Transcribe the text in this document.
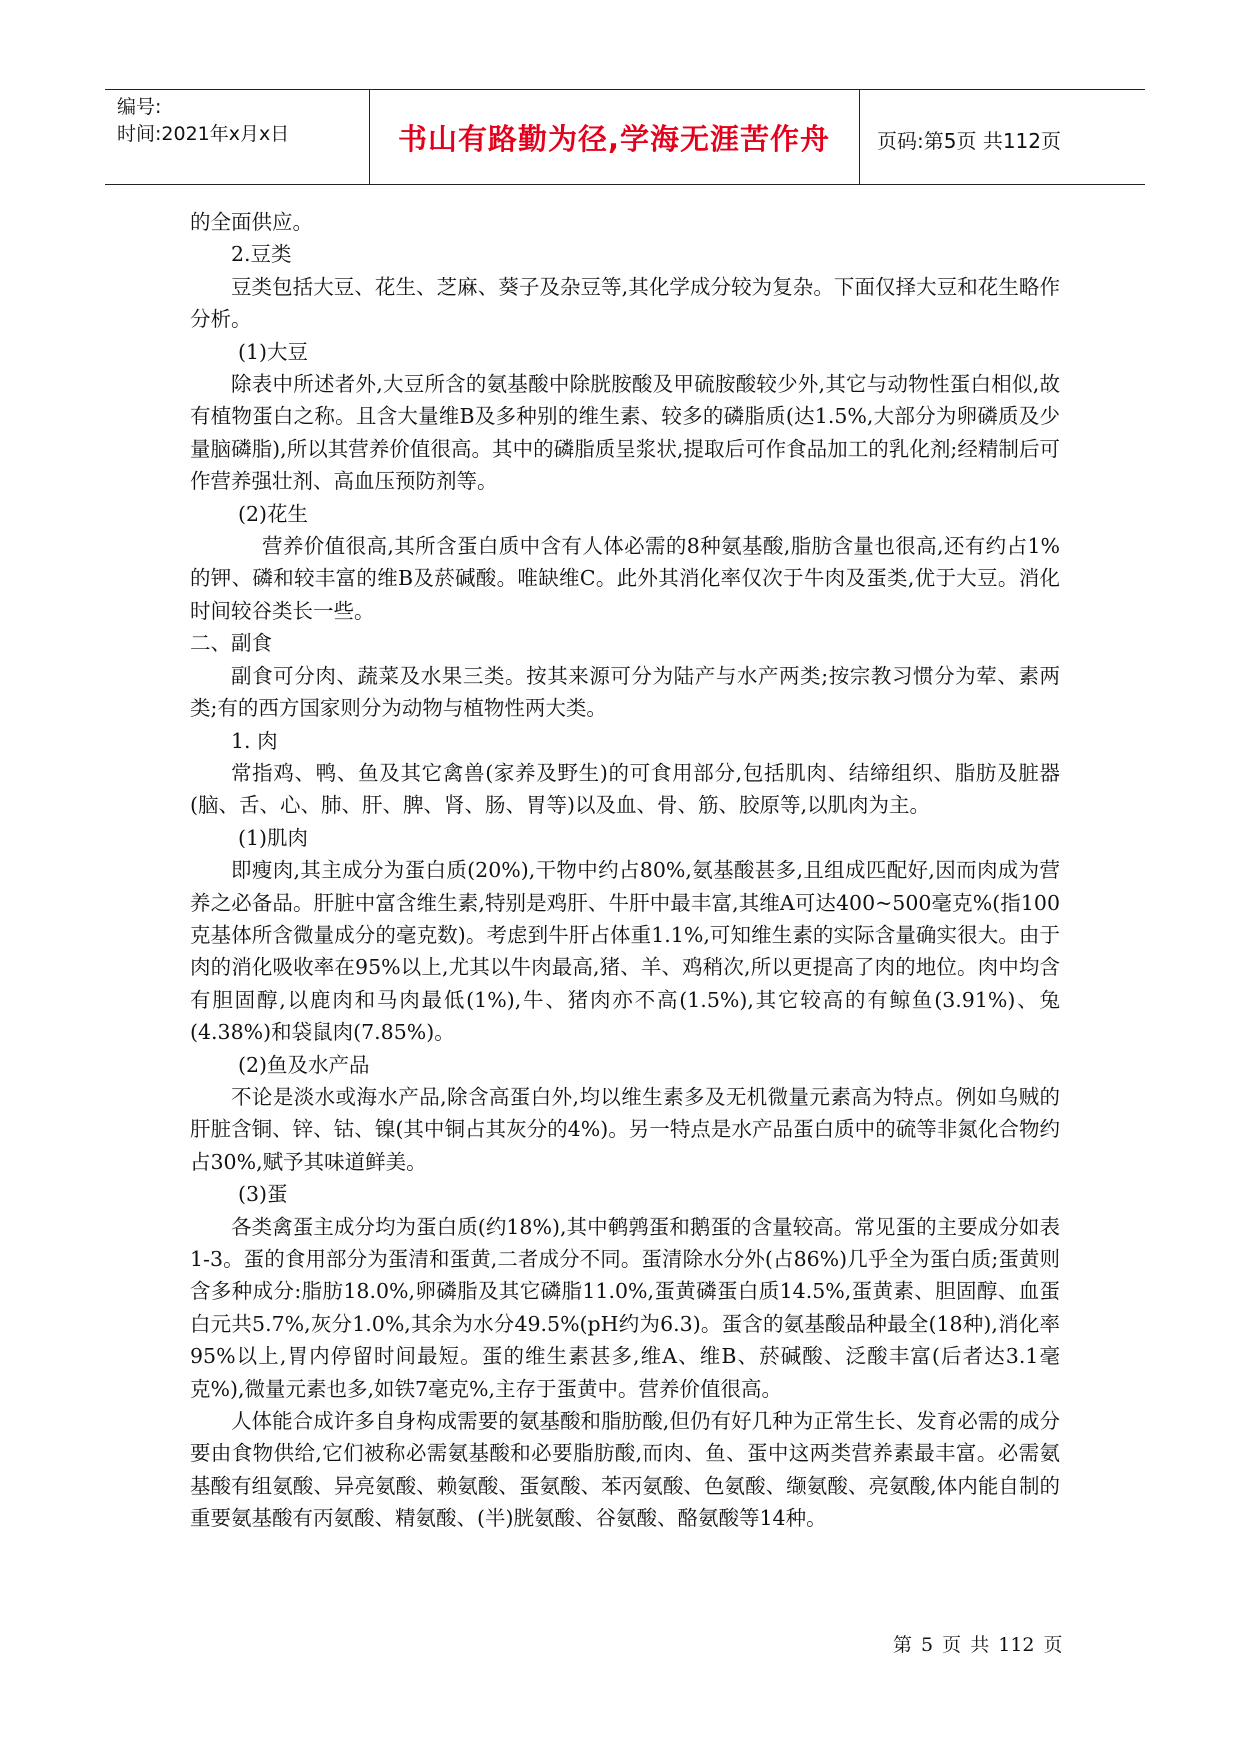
编号:
时间:2021年x月x日	书山有路勤为径,学海无涯苦作舟	页码:第5页 共112页

的全面供应。

2.豆类

豆类包括大豆、花生、芝麻、葵子及杂豆等,其化学成分较为复杂。下面仅择大豆和花生略作分析。

(1)大豆

除表中所述者外,大豆所含的氨基酸中除胱胺酸及甲硫胺酸较少外,其它与动物性蛋白相似,故有植物蛋白之称。且含大量维B及多种别的维生素、较多的磷脂质(达1.5%,大部分为卵磷质及少量脑磷脂),所以其营养价值很高。其中的磷脂质呈浆状,提取后可作食品加工的乳化剂;经精制后可作营养强壮剂、高血压预防剂等。

(2)花生

营养价值很高,其所含蛋白质中含有人体必需的8种氨基酸,脂肪含量也很高,还有约占1%的钾、磷和较丰富的维B及菸碱酸。唯缺维C。此外其消化率仅次于牛肉及蛋类,优于大豆。消化时间较谷类长一些。

二、副食

副食可分肉、蔬菜及水果三类。按其来源可分为陆产与水产两类;按宗教习惯分为荤、素两类;有的西方国家则分为动物与植物性两大类。

1. 肉

常指鸡、鸭、鱼及其它禽兽(家养及野生)的可食用部分,包括肌肉、结缔组织、脂肪及脏器(脑、舌、心、肺、肝、脾、肾、肠、胃等)以及血、骨、筋、胶原等,以肌肉为主。

(1)肌肉

即瘦肉,其主成分为蛋白质(20%),干物中约占80%,氨基酸甚多,且组成匹配好,因而肉成为营养之必备品。肝脏中富含维生素,特别是鸡肝、牛肝中最丰富,其维A可达400~500毫克%(指100克基体所含微量成分的毫克数)。考虑到牛肝占体重1.1%,可知维生素的实际含量确实很大。由于肉的消化吸收率在95%以上,尤其以牛肉最高,猪、羊、鸡稍次,所以更提高了肉的地位。肉中均含有胆固醇,以鹿肉和马肉最低(1%),牛、猪肉亦不高(1.5%),其它较高的有鲸鱼(3.91%)、兔(4.38%)和袋鼠肉(7.85%)。

(2)鱼及水产品

不论是淡水或海水产品,除含高蛋白外,均以维生素多及无机微量元素高为特点。例如乌贼的肝脏含铜、锌、钴、镍(其中铜占其灰分的4%)。另一特点是水产品蛋白质中的硫等非氮化合物约占30%,赋予其味道鲜美。

(3)蛋

各类禽蛋主成分均为蛋白质(约18%),其中鹌鹑蛋和鹅蛋的含量较高。常见蛋的主要成分如表1-3。蛋的食用部分为蛋清和蛋黄,二者成分不同。蛋清除水分外(占86%)几乎全为蛋白质;蛋黄则含多种成分:脂肪18.0%,卵磷脂及其它磷脂11.0%,蛋黄磷蛋白质14.5%,蛋黄素、胆固醇、血蛋白元共5.7%,灰分1.0%,其余为水分49.5%(pH约为6.3)。蛋含的氨基酸品种最全(18种),消化率95%以上,胃内停留时间最短。蛋的维生素甚多,维A、维B、菸碱酸、泛酸丰富(后者达3.1毫克%),微量元素也多,如铁7毫克%,主存于蛋黄中。营养价值很高。

人体能合成许多自身构成需要的氨基酸和脂肪酸,但仍有好几种为正常生长、发育必需的成分要由食物供给,它们被称必需氨基酸和必要脂肪酸,而肉、鱼、蛋中这两类营养素最丰富。必需氨基酸有组氨酸、异亮氨酸、赖氨酸、蛋氨酸、苯丙氨酸、色氨酸、缬氨酸、亮氨酸,体内能自制的重要氨基酸有丙氨酸、精氨酸、(半)胱氨酸、谷氨酸、酪氨酸等14种。

第 5 页 共 112 页
